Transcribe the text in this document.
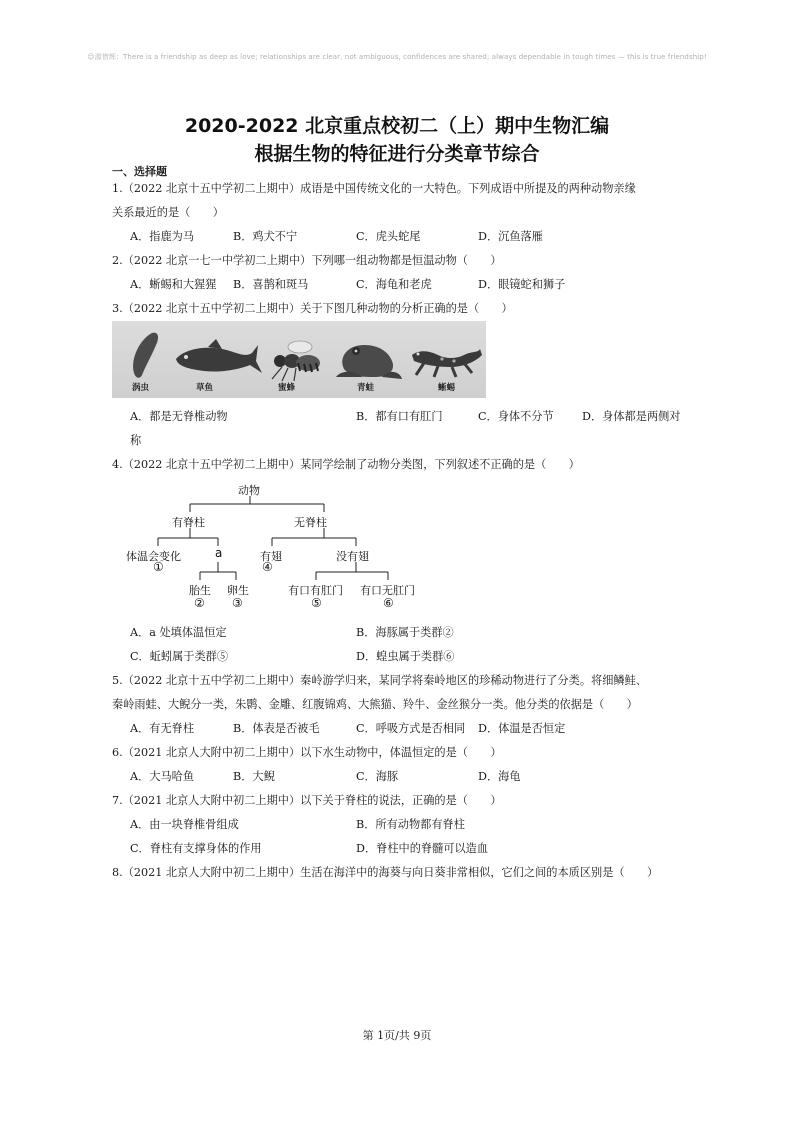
☺源惜辉：There is a friendship as deep as love; relationships are clear, not ambiguous, confidences are shared; always dependable in tough times — this is true friendship!
2020-2022 北京重点校初二（上）期中生物汇编
根据生物的特征进行分类章节综合
一、选择题
1.（2022 北京十五中学初二上期中）成语是中国传统文化的一大特色。下列成语中所提及的两种动物亲缘
关系最近的是（　　）
A．指鹿为马	B．鸡犬不宁	C．虎头蛇尾	D．沉鱼落雁
2.（2022 北京一七一中学初二上期中）下列哪一组动物都是恒温动物（　　）
A．蜥蜴和大猩猩 B．喜鹊和斑马	C．海龟和老虎	D．眼镜蛇和狮子
3.（2022 北京十五中学初二上期中）关于下图几种动物的分析正确的是（　　）
涡虫	草鱼	蜜蜂	青蛙	蜥蜴
A．都是无脊椎动物	B．都有口有肛门	C．身体不分节	D．身体都是两侧对
称
4.（2022 北京十五中学初二上期中）某同学绘制了动物分类图，下列叙述不正确的是（　　）
动物
有脊柱	无脊柱
体温会变化
①
a
胎生
②
卵生
③
有翅
④
没有翅
有口有肛门
⑤
有口无肛门
⑥
A．a 处填体温恒定	B．海豚属于类群②
C．蚯蚓属于类群⑤	D．蝗虫属于类群⑥
5.（2022 北京十五中学初二上期中）秦岭游学归来，某同学将秦岭地区的珍稀动物进行了分类。将细鳞鲑、
秦岭雨蛙、大鲵分一类，朱鹮、金雕、红腹锦鸡、大熊猫、羚牛、金丝猴分一类。他分类的依据是（　　）
A．有无脊柱	B．体表是否被毛	C．呼吸方式是否相同 D．体温是否恒定
6.（2021 北京人大附中初二上期中）以下水生动物中，体温恒定的是（　　）
A．大马哈鱼	B．大鲵	C．海豚	D．海龟
7.（2021 北京人大附中初二上期中）以下关于脊柱的说法，正确的是（　　）
A．由一块脊椎骨组成	B．所有动物都有脊柱
C．脊柱有支撑身体的作用	D．脊柱中的脊髓可以造血
8.（2021 北京人大附中初二上期中）生活在海洋中的海葵与向日葵非常相似，它们之间的本质区别是（　　）
第 1页/共 9页
